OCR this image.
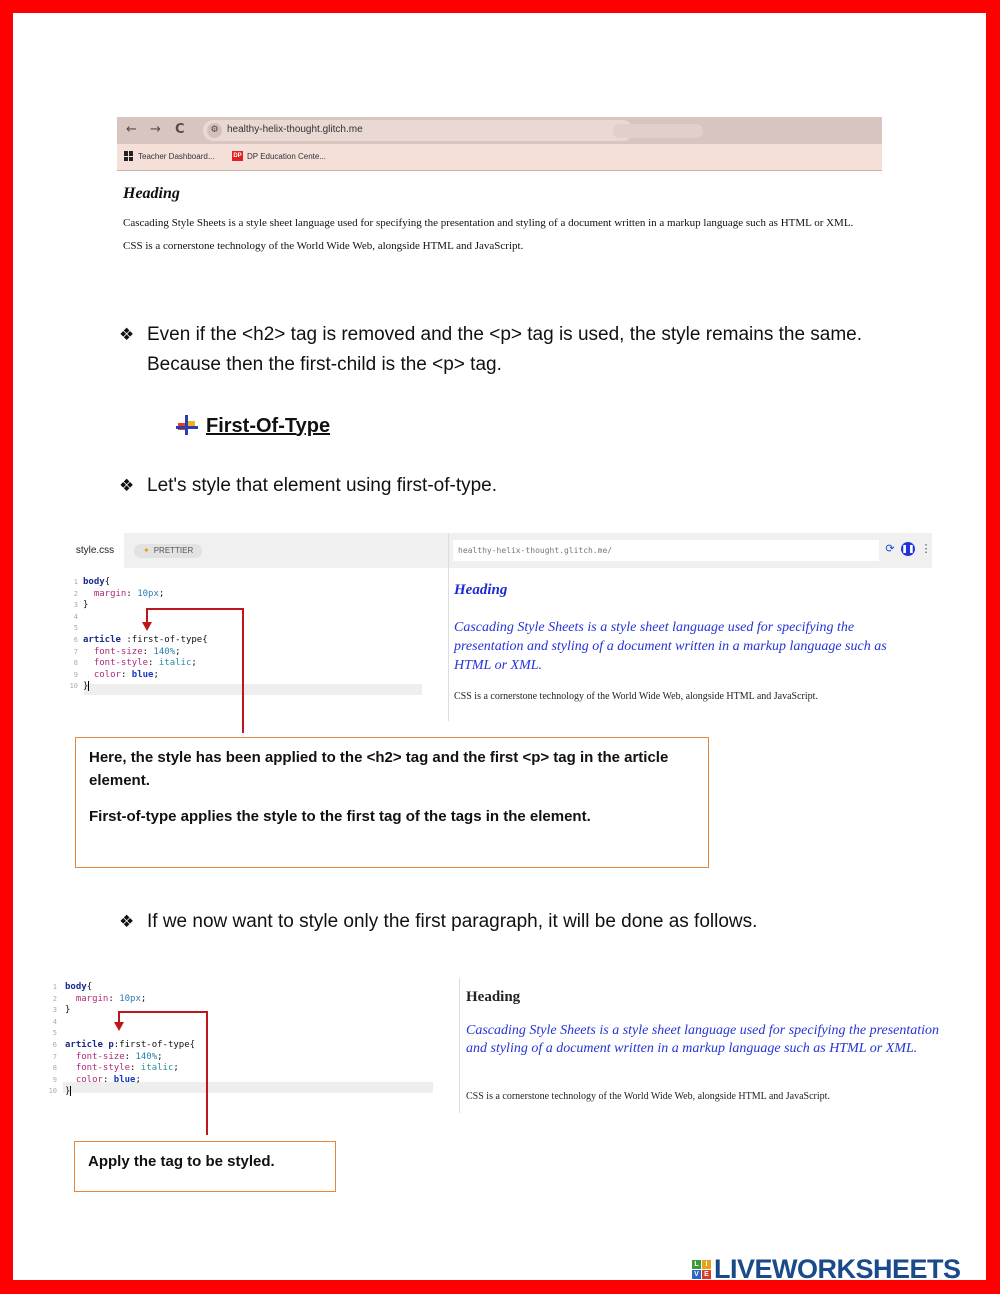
← → C	⚙ healthy-helix-thought.glitch.me
Teacher Dashboard...	DP DP Education Cente...
Heading
Cascading Style Sheets is a style sheet language used for specifying the presentation and styling of a document written in a markup language such as HTML or XML.
CSS is a cornerstone technology of the World Wide Web, alongside HTML and JavaScript.
❖ Even if the <h2> tag is removed and the <p> tag is used, the style remains the same. Because then the first-child is the <p> tag.
First-Of-Type
❖ Let's style that element using first-of-type.
style.css	✦ PRETTIER	healthy-helix-thought.glitch.me/	⟳ ❚❚ ⋮

1 body{

2	margin: 10px;

3 }

4

5

6 article :first-of-type{

7	font-size: 140%;

8	font-style: italic;

9	color: blue;

10 }

Heading
Cascading Style Sheets is a style sheet language used for specifying the presentation and styling of a document written in a markup language such as HTML or XML.
CSS is a cornerstone technology of the World Wide Web, alongside HTML and JavaScript.
Here, the style has been applied to the <h2> tag and the first <p> tag in the article element.
First-of-type applies the style to the first tag of the tags in the element.
❖ If we now want to style only the first paragraph, it will be done as follows.

1 body{

2	margin: 10px;

3 }

4

5

6 article p:first-of-type{

7	font-size: 140%;

8	font-style: italic;

9	color: blue;

10 }

Heading
Cascading Style Sheets is a style sheet language used for specifying the presentation and styling of a document written in a markup language such as HTML or XML.
CSS is a cornerstone technology of the World Wide Web, alongside HTML and JavaScript.
Apply the tag to be styled.
L I
V E LIVEWORKSHEETS
